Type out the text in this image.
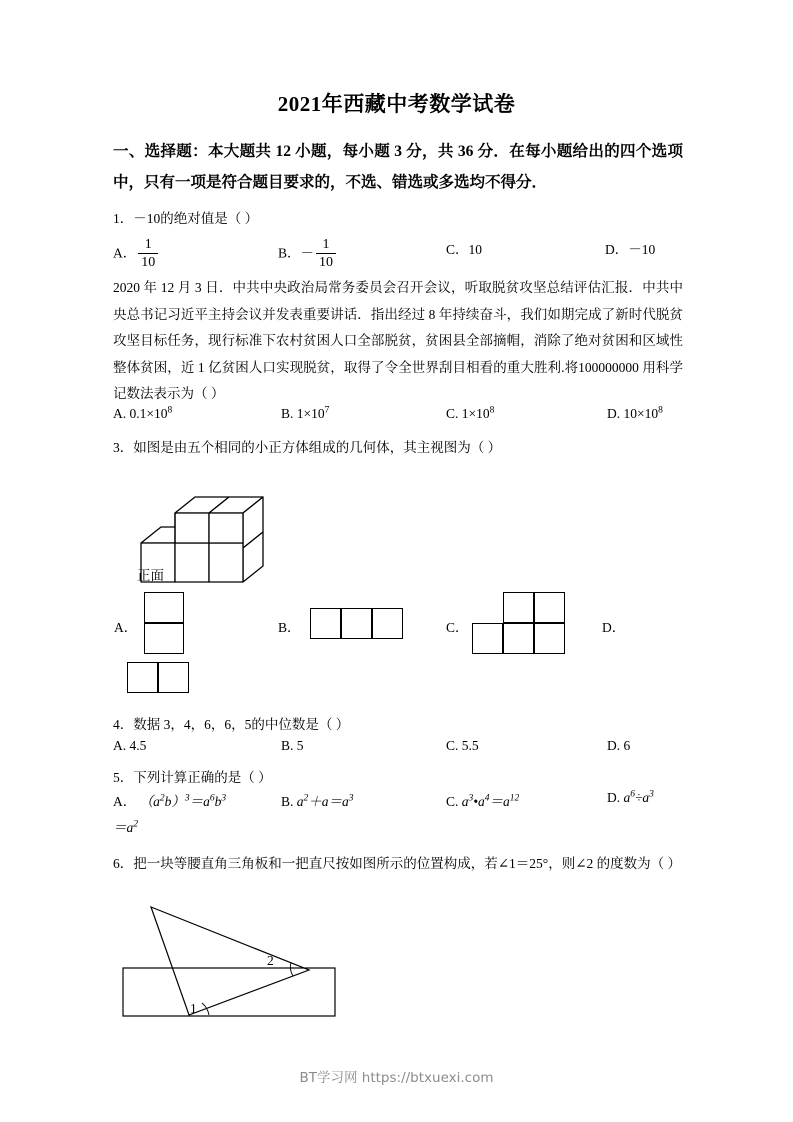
2021年西藏中考数学试卷
一、选择题：本大题共 12 小题，每小题 3 分，共 36 分．在每小题给出的四个选项中，只有一项是符合题目要求的，不选、错选或多选均不得分．
1．－10的绝对值是（ ）
A． $\frac{1}{10}$	B．－ $\frac{1}{10}$	C．10	D．－10
2020 年 12 月 3 日．中共中央政治局常务委员会召开会议，听取脱贫攻坚总结评估汇报．中共中央总书记习近平主持会议并发表重要讲话．指出经过 8 年持续奋斗，我们如期完成了新时代脱贫攻坚目标任务，现行标准下农村贫困人口全部脱贫，贫困县全部摘帽，消除了绝对贫困和区域性整体贫困，近 1 亿贫困人口实现脱贫，取得了令全世界刮目相看的重大胜利.将100000000 用科学记数法表示为（ ）
A. $0.1\times 10^8$	B. $1\times 10^7$	C. $1\times 10^8$	D. $10\times 10^8$
3．如图是由五个相同的小正方体组成的几何体，其主视图为（ ）
正面
A．	B．	C．	D．
4．数据 3，4，6，6，5的中位数是（ ）
A. 4.5	B. 5	C. 5.5	D. 6
5．下列计算正确的是（ ）
A． $(a^2b)^3=a^6b^3$	B. $a^2+a=a^3$	C. $a^3•a^4=a^{12}$	D. $a^6\div a^3$
$=a^2$
6．把一块等腰直角三角板和一把直尺按如图所示的位置构成，若∠1＝25°，则∠2 的度数为（ ）
1
2
BT学习网 https://btxuexi.com
